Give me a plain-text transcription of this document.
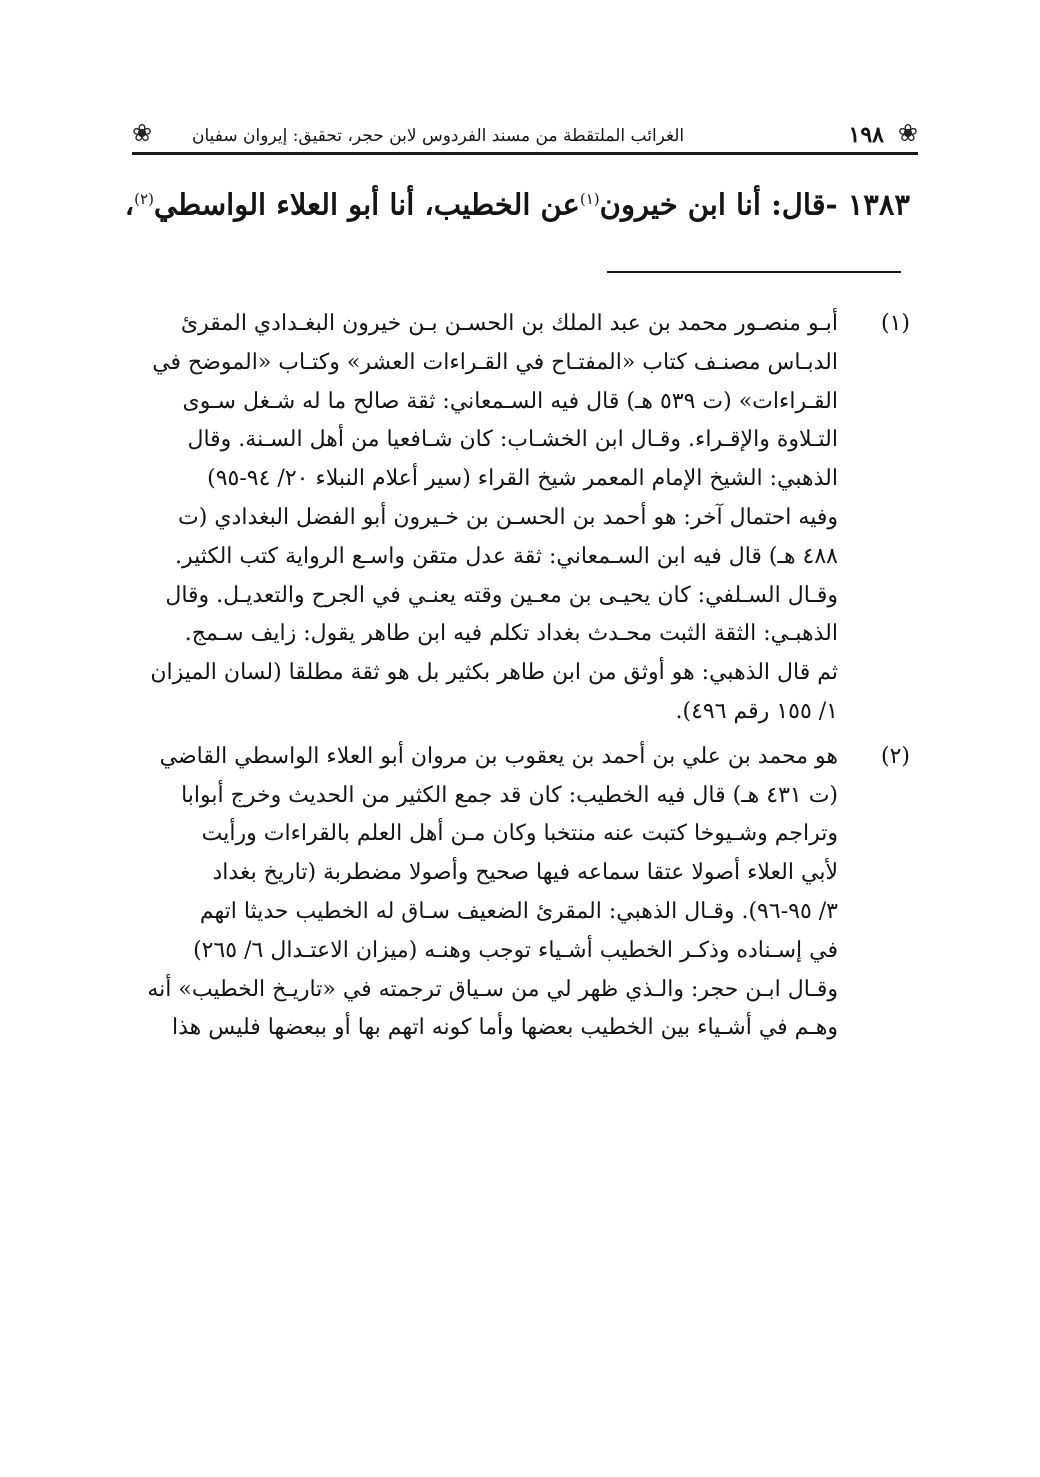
❀
١٩٨
الغرائب الملتقطة من مسند الفردوس لابن حجر، تحقيق: إيروان سفيان
❀
١٣٨٣ -قال: أنا ابن خيرون$^{(١)}$عن الخطيب، أنا أبو العلاء الواسطي$^{(٢)}$،
(١)
أبـو منصـور محمد بن عبد الملك بن الحسـن بـن خيرون البغـدادي المقرئ
الدبـاس مصنـف كتاب «المفتـاح في القـراءات العشر» وكتـاب «الموضح في
القـراءات» (ت ٥٣٩ هـ) قال فيه السـمعاني: ثقة صالح ما له شـغل سـوى
التـلاوة والإقـراء. وقـال ابن الخشـاب: كان شـافعيا من أهل السـنة. وقال
الذهبي: الشيخ الإمام المعمر شيخ القراء (سير أعلام النبلاء ٢٠/ ٩٤-٩٥)
وفيه احتمال آخر: هو أحمد بن الحسـن بن خـيرون أبو الفضل البغدادي (ت
٤٨٨ هـ) قال فيه ابن السـمعاني: ثقة عدل متقن واسـع الرواية كتب الكثير.
وقـال السـلفي: كان يحيـى بن معـين وقته يعنـي في الجرح والتعديـل. وقال
الذهبـي: الثقة الثبت محـدث بغداد تكلم فيه ابن طاهر يقول: زايف سـمج.
ثم قال الذهبي: هو أوثق من ابن طاهر بكثير بل هو ثقة مطلقا (لسان الميزان
١/ ١٥٥ رقم ٤٩٦).
(٢)
هو محمد بن علي بن أحمد بن يعقوب بن مروان أبو العلاء الواسطي القاضي
(ت ٤٣١ هـ) قال فيه الخطيب: كان قد جمع الكثير من الحديث وخرج أبوابا
وتراجم وشـيوخا كتبت عنه منتخبا وكان مـن أهل العلم بالقراءات ورأيت
لأبي العلاء أصولا عتقا سماعه فيها صحيح وأصولا مضطربة (تاريخ بغداد
٣/ ٩٥-٩٦). وقـال الذهبي: المقرئ الضعيف سـاق له الخطيب حديثا اتهم
في إسـناده وذكـر الخطيب أشـياء توجب وهنـه (ميزان الاعتـدال ٦/ ٢٦٥)
وقـال ابـن حجر: والـذي ظهر لي من سـياق ترجمته في «تاريـخ الخطيب» أنه
وهـم في أشـياء بين الخطيب بعضها وأما كونه اتهم بها أو ببعضها فليس هذا
